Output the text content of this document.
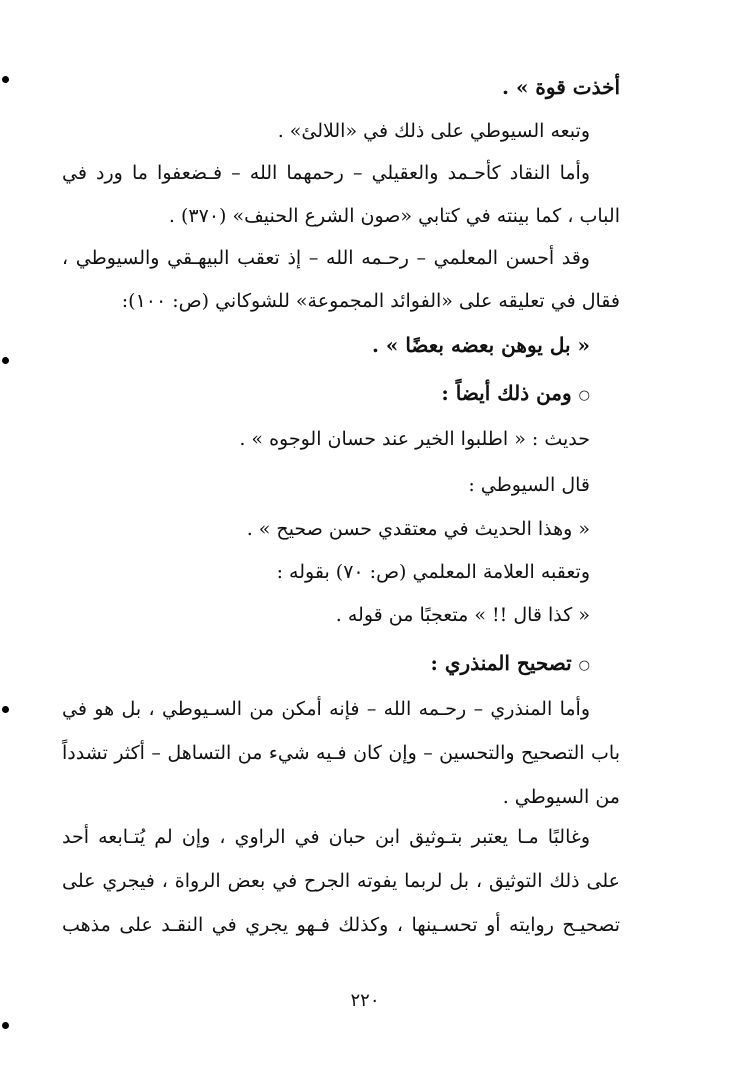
أخذت قوة » .
وتبعه السيوطي على ذلك في «اللالئ» .
وأما النقاد كأحـمد والعقيلي – رحمهما الله – فـضعفوا ما ورد في
الباب ، كما بينته في كتابي «صون الشرع الحنيف» (٣٧٠) .
وقد أحسن المعلمي – رحـمه الله – إذ تعقب البيهـقي والسيوطي ،
فقال في تعليقه على «الفوائد المجموعة» للشوكاني (ص: ١٠٠):
« بل يوهن بعضه بعضًا » .
○ ومن ذلك أيضاً :
حديث : « اطلبوا الخير عند حسان الوجوه » .
قال السيوطي :
« وهذا الحديث في معتقدي حسن صحيح » .
وتعقبه العلامة المعلمي (ص: ٧٠) بقوله :
« كذا قال !! » متعجبًا من قوله .
○ تصحيح المنذري :
وأما المنذري – رحـمه الله – فإنه أمكن من السـيوطي ، بل هو في
باب التصحيح والتحسين – وإن كان فـيه شيء من التساهل – أكثر تشدداً
من السيوطي .
وغالبًا مـا يعتبر بتـوثيق ابن حبان في الراوي ، وإن لم يُتـابعه أحد
على ذلك التوثيق ، بل لربما يفوته الجرح في بعض الرواة ، فيجري على
تصحيـح روايته أو تحسـينها ، وكذلك فـهو يجري في النقـد على مذهب
٢٢٠
